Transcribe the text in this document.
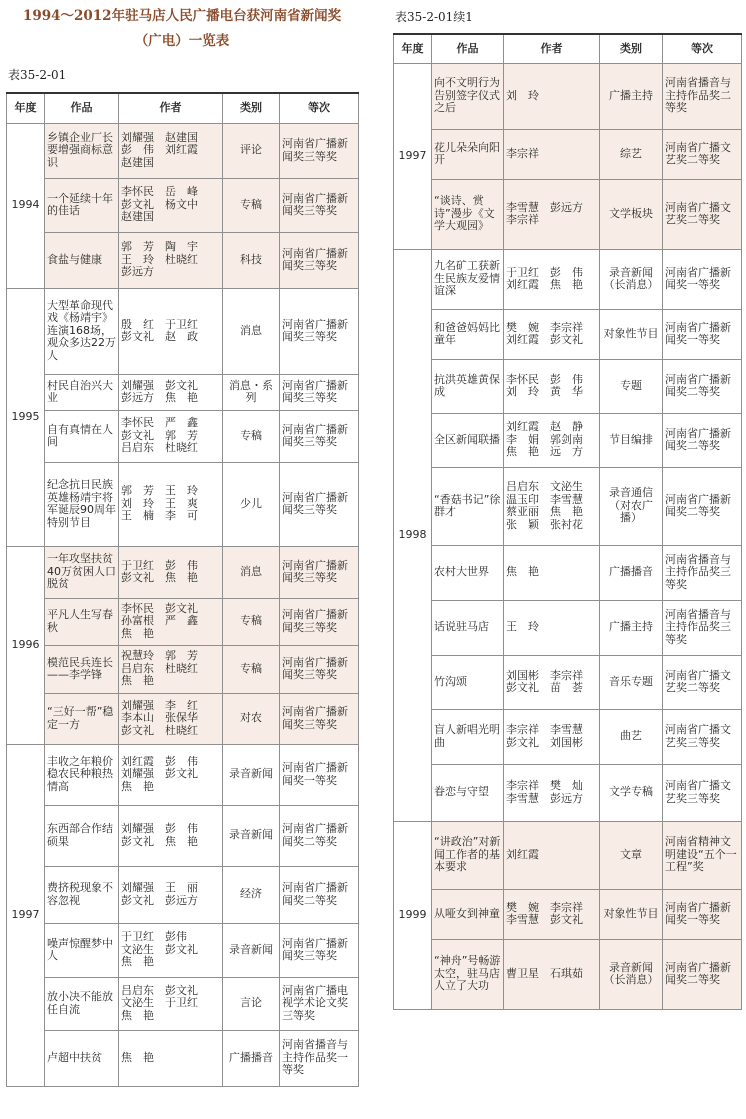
1994～2012年驻马店人民广播电台获河南省新闻奖
（广电）一览表
表35-2-01
年度	作品	作者	类别	等次
1994	乡镇企业厂长要增强商标意识	刘耀强　赵建国
彭　伟　刘红霞
赵建国	评论	河南省广播新闻奖三等奖
	一个延续十年的佳话	李怀民　岳　峰
彭文礼　杨文中
赵建国	专稿	河南省广播新闻奖三等奖
	食盐与健康	郭　芳　陶　宇
王　玲　杜晓红
彭远方	科技	河南省广播新闻奖三等奖
1995	大型革命现代戏《杨靖宇》连演168场，观众多达22万人	殷　红　于卫红
彭文礼　赵　政	消息	河南省广播新闻奖三等奖
	村民自治兴大业	刘耀强　彭文礼
彭远方　焦　艳	消息・系列	河南省广播新闻奖三等奖
	自有真情在人间	李怀民　严　鑫
彭文礼　郭　芳
吕启东　杜晓红	专稿	河南省广播新闻奖三等奖
	纪念抗日民族英雄杨靖宇将军诞辰90周年特别节目	郭　芳　王　玲
刘　玲　王　爽
王　楠　李　可	少儿	河南省广播新闻奖三等奖
1996	一年攻坚扶贫40万贫困人口脱贫	于卫红　彭　伟
彭文礼　焦　艳	消息	河南省广播新闻奖三等奖
	平凡人生写春秋	李怀民　彭文礼
孙富根　严　鑫
焦　艳	专稿	河南省广播新闻奖三等奖
	模范民兵连长——李学锋	祝慧玲　郭　芳
吕启东　杜晓红
焦　艳	专稿	河南省广播新闻奖三等奖
	“三好一帮”稳定一方	刘耀强　李　红
李本山　张保华
彭文礼　杜晓红	对农	河南省广播新闻奖三等奖
1997	丰收之年粮价稳农民种粮热情高	刘红霞　彭　伟
刘耀强　彭文礼
焦　艳	录音新闻	河南省广播新闻奖一等奖
	东西部合作结硕果	刘耀强　彭　伟
彭文礼　焦　艳	录音新闻	河南省广播新闻奖二等奖
	费挤税现象不容忽视	刘耀强　王　丽
彭文礼　彭远方	经济	河南省广播新闻奖二等奖
	噪声惊醒梦中人	于卫红　彭伟
文泌生　彭文礼
焦　艳	录音新闻	河南省广播新闻奖三等奖
	放小决不能放任自流	吕启东　彭文礼
文泌生　于卫红
焦　艳	言论	河南省广播电视学术论文奖三等奖
	卢超中扶贫	焦　艳	广播播音	河南省播音与主持作品奖一等奖
表35-2-01续1
年度	作品	作者	类别	等次
1997	向不文明行为告别签字仪式之后	刘　玲	广播主持	河南省播音与主持作品奖二等奖
	花儿朵朵向阳开	李宗祥	综艺	河南省广播文艺奖二等奖
	“谈诗、赏诗”漫步《文学大观园》	李雪慧　彭远方
李宗祥	文学板块	河南省广播文艺奖二等奖
1998	九名矿工获新生民族友爱情谊深	于卫红　彭　伟
刘红霞　焦　艳	录音新闻（长消息）	河南省广播新闻奖一等奖
	和爸爸妈妈比童年	樊　婉　李宗祥
刘红霞　彭文礼	对象性节目	河南省广播新闻奖一等奖
	抗洪英雄黄保成	李怀民　彭　伟
刘　玲　黄　华	专题	河南省广播新闻奖二等奖
	全区新闻联播	刘红霞　赵　静
李　娟　郭剑南
焦　艳　远　方	节目编排	河南省广播新闻奖二等奖
	“香菇书记”徐群才	吕启东　文泌生
温玉印　李雪慧
蔡亚丽　焦　艳
张　颖　张衬花	录音通信（对农广播）	河南省广播新闻奖二等奖
	农村大世界	焦　艳	广播播音	河南省播音与主持作品奖三等奖
	话说驻马店	王　玲	广播主持	河南省播音与主持作品奖三等奖
	竹沟颂	刘国彬　李宗祥
彭文礼　苗　荟	音乐专题	河南省广播文艺奖二等奖
	盲人新唱光明曲	李宗祥　李雪慧
彭文礼　刘国彬	曲艺	河南省广播文艺奖三等奖
	眷恋与守望	李宗祥　樊　灿
李雪慧　彭远方	文学专稿	河南省广播文艺奖三等奖
1999	“讲政治”对新闻工作者的基本要求	刘红霞	文章	河南省精神文明建设“五个一工程”奖
	从哑女到神童	樊　婉　李宗祥
李雪慧　彭文礼	对象性节目	河南省广播新闻奖一等奖
	“神舟”号畅游太空，驻马店人立了大功	曹卫星　石琪茹	录音新闻（长消息）	河南省广播新闻奖二等奖
